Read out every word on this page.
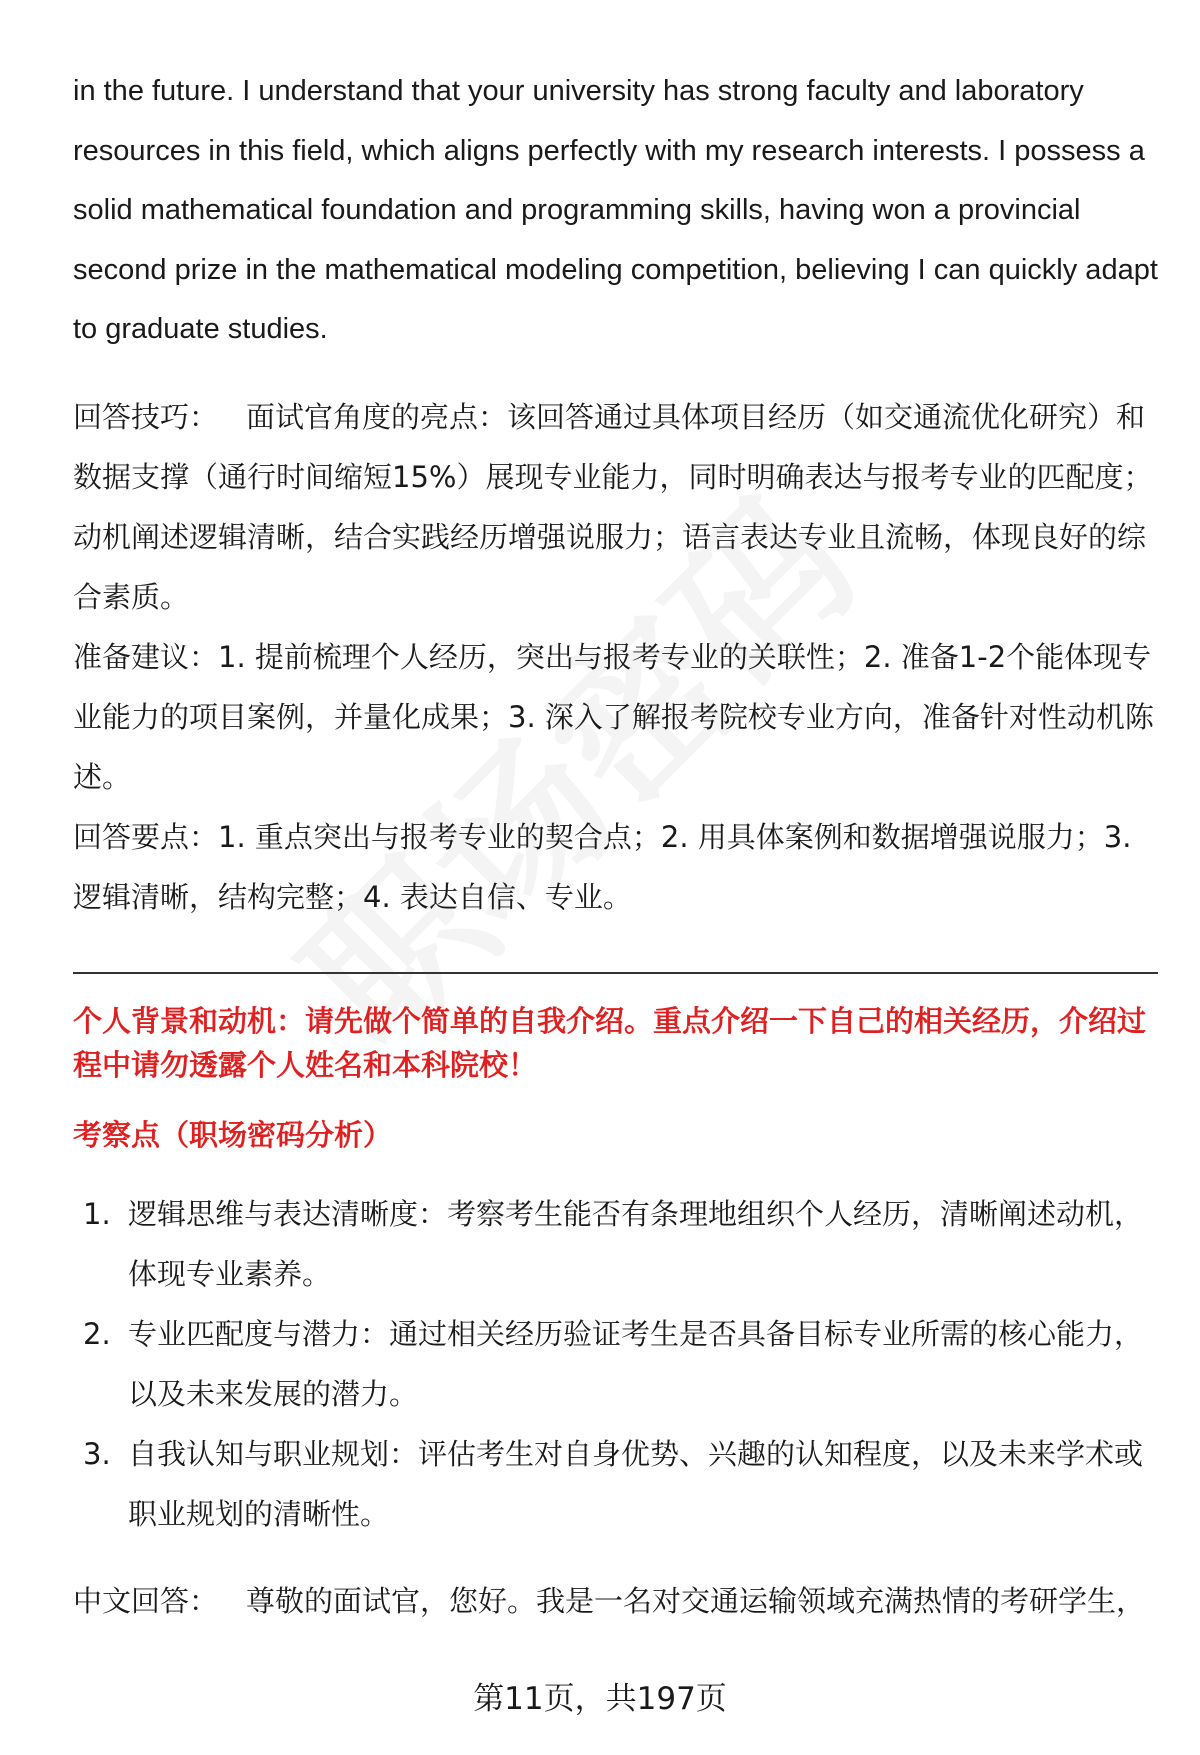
in the future. I understand that your university has strong faculty and laboratory resources in this field, which aligns perfectly with my research interests. I possess a solid mathematical foundation and programming skills, having won a provincial second prize in the mathematical modeling competition, believing I can quickly adapt to graduate studies.

回答技巧： 面试官角度的亮点：该回答通过具体项目经历（如交通流优化研究）和数据支撑（通行时间缩短15%）展现专业能力，同时明确表达与报考专业的匹配度；动机阐述逻辑清晰，结合实践经历增强说服力；语言表达专业且流畅，体现良好的综合素质。

准备建议：1. 提前梳理个人经历，突出与报考专业的关联性；2. 准备1-2个能体现专业能力的项目案例，并量化成果；3. 深入了解报考院校专业方向，准备针对性动机陈述。

回答要点：1. 重点突出与报考专业的契合点；2. 用具体案例和数据增强说服力；3. 逻辑清晰，结构完整；4. 表达自信、专业。

个人背景和动机：请先做个简单的自我介绍。重点介绍一下自己的相关经历，介绍过程中请勿透露个人姓名和本科院校！

考察点（职场密码分析）

1. 逻辑思维与表达清晰度：考察考生能否有条理地组织个人经历，清晰阐述动机，体现专业素养。
2. 专业匹配度与潜力：通过相关经历验证考生是否具备目标专业所需的核心能力，以及未来发展的潜力。
3. 自我认知与职业规划：评估考生对自身优势、兴趣的认知程度，以及未来学术或职业规划的清晰性。

中文回答： 尊敬的面试官，您好。我是一名对交通运输领域充满热情的考研学生，

第11页，共197页
